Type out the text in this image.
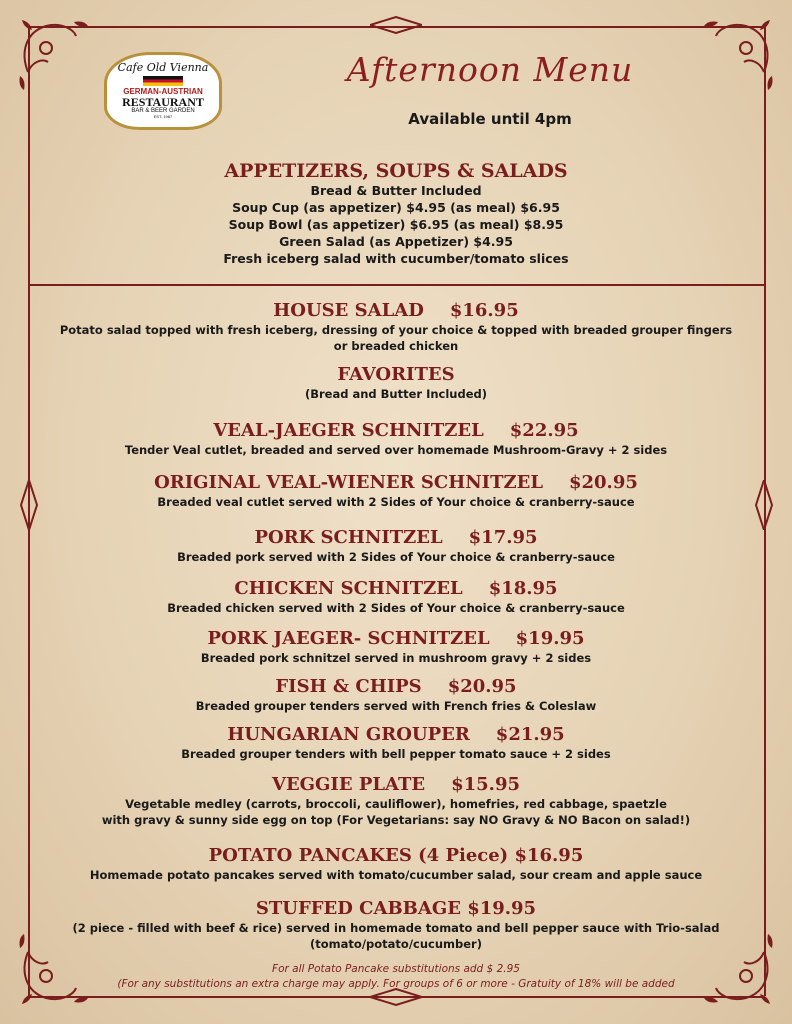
Cafe Old Vienna
GERMAN-AUSTRIAN
RESTAURANT
BAR & BEER GARDEN
EST. 1987
Afternoon Menu
Available until 4pm
APPETIZERS, SOUPS & SALADS
Bread & Butter Included
Soup Cup (as appetizer) $4.95 (as meal) $6.95
Soup Bowl (as appetizer) $6.95 (as meal) $8.95
Green Salad (as Appetizer) $4.95
Fresh iceberg salad with cucumber/tomato slices
HOUSE SALAD $16.95
Potato salad topped with fresh iceberg, dressing of your choice & topped with breaded grouper fingers
or breaded chicken
FAVORITES
(Bread and Butter Included)
VEAL-JAEGER SCHNITZEL $22.95
Tender Veal cutlet, breaded and served over homemade Mushroom-Gravy + 2 sides
ORIGINAL VEAL-WIENER SCHNITZEL $20.95
Breaded veal cutlet served with 2 Sides of Your choice & cranberry-sauce
PORK SCHNITZEL $17.95
Breaded pork served with 2 Sides of Your choice & cranberry-sauce
CHICKEN SCHNITZEL $18.95
Breaded chicken served with 2 Sides of Your choice & cranberry-sauce
PORK JAEGER- SCHNITZEL $19.95
Breaded pork schnitzel served in mushroom gravy + 2 sides
FISH & CHIPS $20.95
Breaded grouper tenders served with French fries & Coleslaw
HUNGARIAN GROUPER $21.95
Breaded grouper tenders with bell pepper tomato sauce + 2 sides
VEGGIE PLATE $15.95
Vegetable medley (carrots, broccoli, cauliflower), homefries, red cabbage, spaetzle
with gravy & sunny side egg on top (For Vegetarians: say NO Gravy & NO Bacon on salad!)
POTATO PANCAKES (4 Piece) $16.95
Homemade potato pancakes served with tomato/cucumber salad, sour cream and apple sauce
STUFFED CABBAGE $19.95
(2 piece - filled with beef & rice) served in homemade tomato and bell pepper sauce with Trio-salad
(tomato/potato/cucumber)
For all Potato Pancake substitutions add $ 2.95
(For any substitutions an extra charge may apply. For groups of 6 or more - Gratuity of 18% will be added
